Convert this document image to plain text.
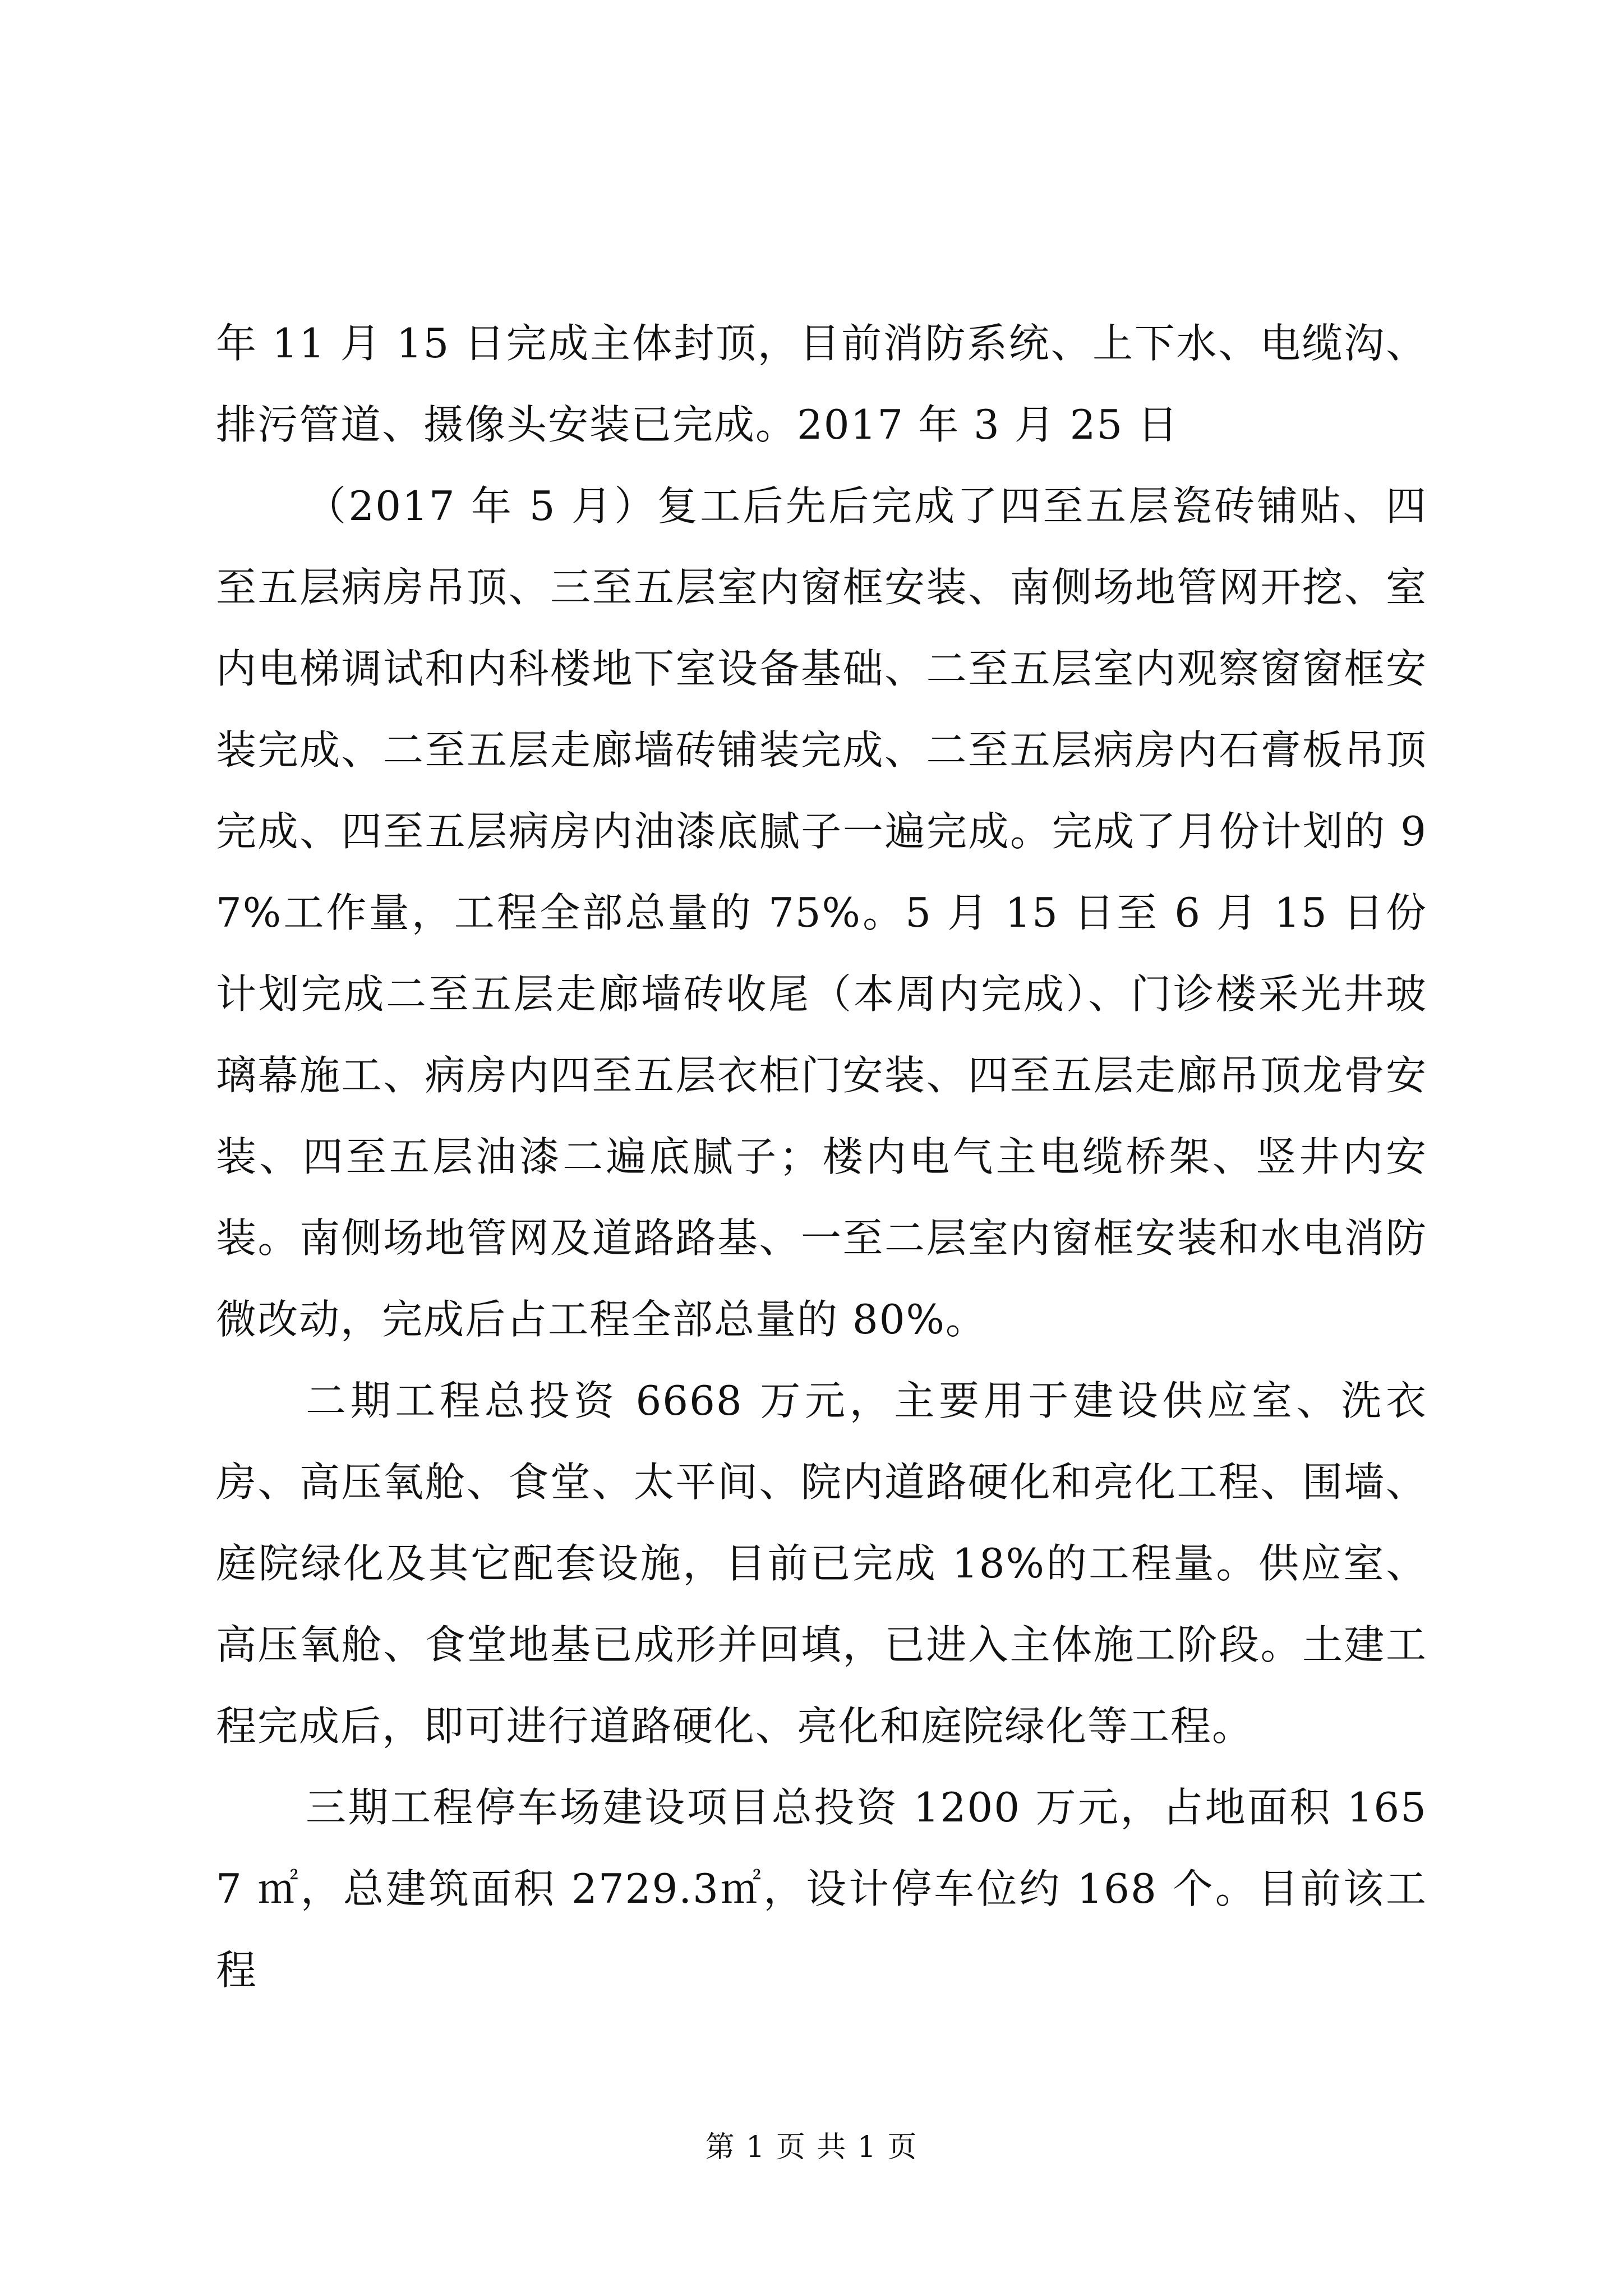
年 11 月 15 日完成主体封顶，目前消防系统、上下水、电缆沟、排污管道、摄像头安装已完成。2017 年 3 月 25 日

（2017 年 5 月）复工后先后完成了四至五层瓷砖铺贴、四至五层病房吊顶、三至五层室内窗框安装、南侧场地管网开挖、室内电梯调试和内科楼地下室设备基础、二至五层室内观察窗窗框安装完成、二至五层走廊墙砖铺装完成、二至五层病房内石膏板吊顶完成、四至五层病房内油漆底腻子一遍完成。完成了月份计划的 97%工作量，工程全部总量的 75%。5 月 15 日至 6 月 15 日份计划完成二至五层走廊墙砖收尾（本周内完成）、门诊楼采光井玻璃幕施工、病房内四至五层衣柜门安装、四至五层走廊吊顶龙骨安装、四至五层油漆二遍底腻子；楼内电气主电缆桥架、竖井内安装。南侧场地管网及道路路基、一至二层室内窗框安装和水电消防微改动，完成后占工程全部总量的 80%。

二期工程总投资 6668 万元，主要用于建设供应室、洗衣房、高压氧舱、食堂、太平间、院内道路硬化和亮化工程、围墙、庭院绿化及其它配套设施，目前已完成 18%的工程量。供应室、高压氧舱、食堂地基已成形并回填，已进入主体施工阶段。土建工程完成后，即可进行道路硬化、亮化和庭院绿化等工程。

三期工程停车场建设项目总投资 1200 万元，占地面积 1657 ㎡，总建筑面积 2729.3㎡，设计停车位约 168 个。目前该工程

第 1 页 共 1 页
